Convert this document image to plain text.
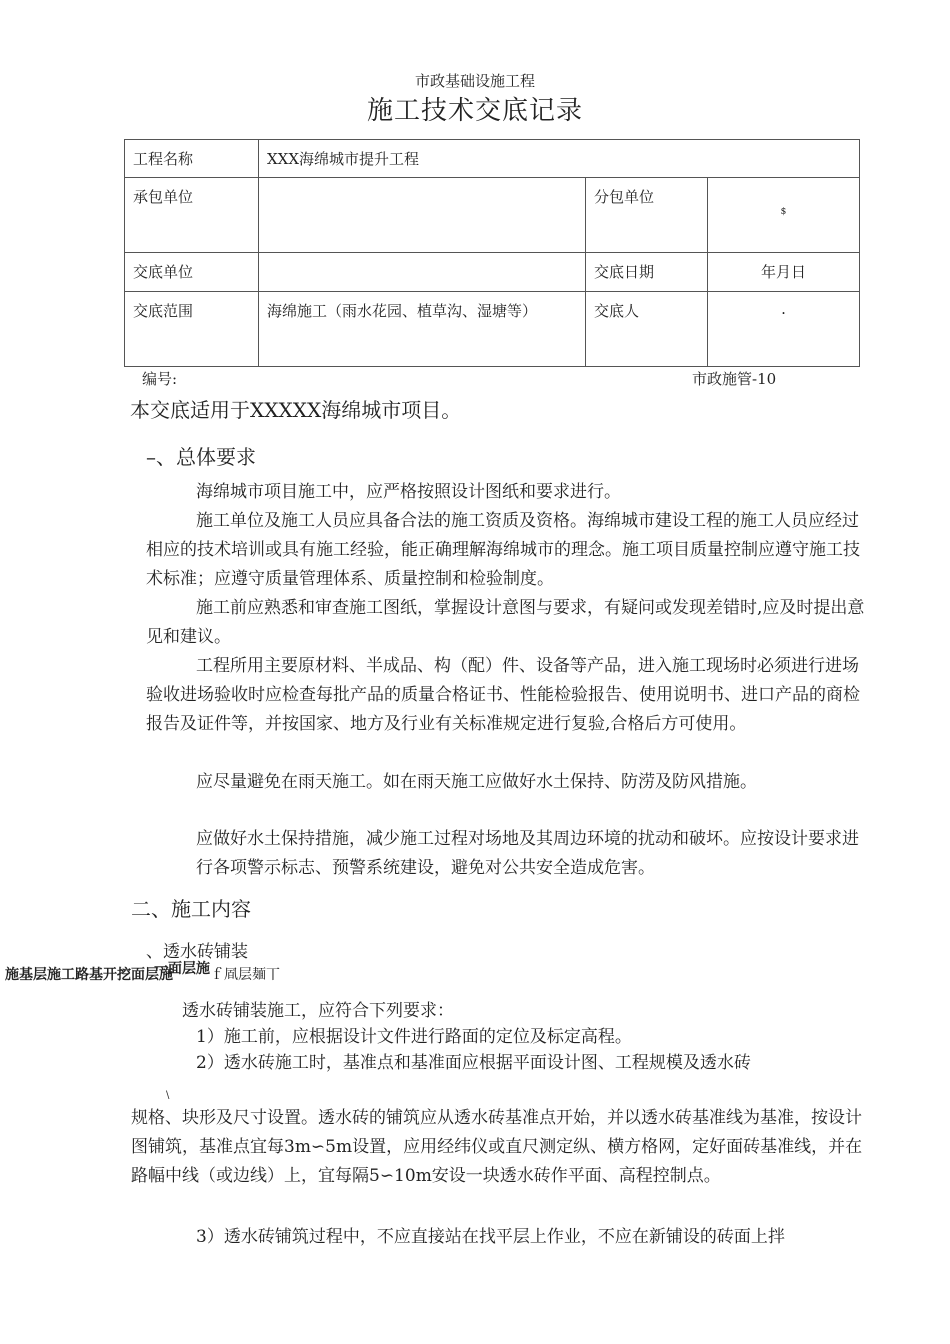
市政基础设施工程
施工技术交底记录
工程名称	XXX海绵城市提升工程		
承包单位		分包单位	$
交底单位		交底日期	年月日
交底范围	海绵施工（雨水花园、植草沟、湿塘等）	交底人	.
编号:	市政施管-10
本交底适用于XXXXX海绵城市项目。
–、总体要求
海绵城市项目施工中，应严格按照设计图纸和要求进行。
施工单位及施工人员应具备合法的施工资质及资格。海绵城市建设工程的施工人员应经过相应的技术培训或具有施工经验，能正确理解海绵城市的理念。施工项目质量控制应遵守施工技术标准；应遵守质量管理体系、质量控制和检验制度。
施工前应熟悉和审查施工图纸，掌握设计意图与要求，有疑问或发现差错时,应及时提出意见和建议。
工程所用主要原材料、半成品、构（配）件、设备等产品，进入施工现场时必须进行进场验收进场验收时应检查每批产品的质量合格证书、性能检验报告、使用说明书、进口产品的商检报告及证件等，并按国家、地方及行业有关标准规定进行复验,合格后方可使用。
应尽量避免在雨天施工。如在雨天施工应做好水土保持、防涝及防风措施。
应做好水土保持措施，减少施工过程对场地及其周边环境的扰动和破坏。应按设计要求进行各项警示标志、预警系统建设，避免对公共安全造成危害。
二、施工内容
、透水砖铺装
一面层施
施基层施工路基开挖面层施	ｆ凮层麺丅
透水砖铺装施工，应符合下列要求：
1）施工前，应根据设计文件进行路面的定位及标定高程。
2）透水砖施工时，基准点和基准面应根据平面设计图、工程规模及透水砖
\
规格、块形及尺寸设置。透水砖的铺筑应从透水砖基准点开始，并以透水砖基准线为基准，按设计图铺筑，基准点宜每3m∽5m设置，应用经纬仪或直尺测定纵、横方格网，定好面砖基准线，并在路幅中线（或边线）上，宜每隔5∽10m安设一块透水砖作平面、高程控制点。
3）透水砖铺筑过程中，不应直接站在找平层上作业，不应在新铺设的砖面上拌
